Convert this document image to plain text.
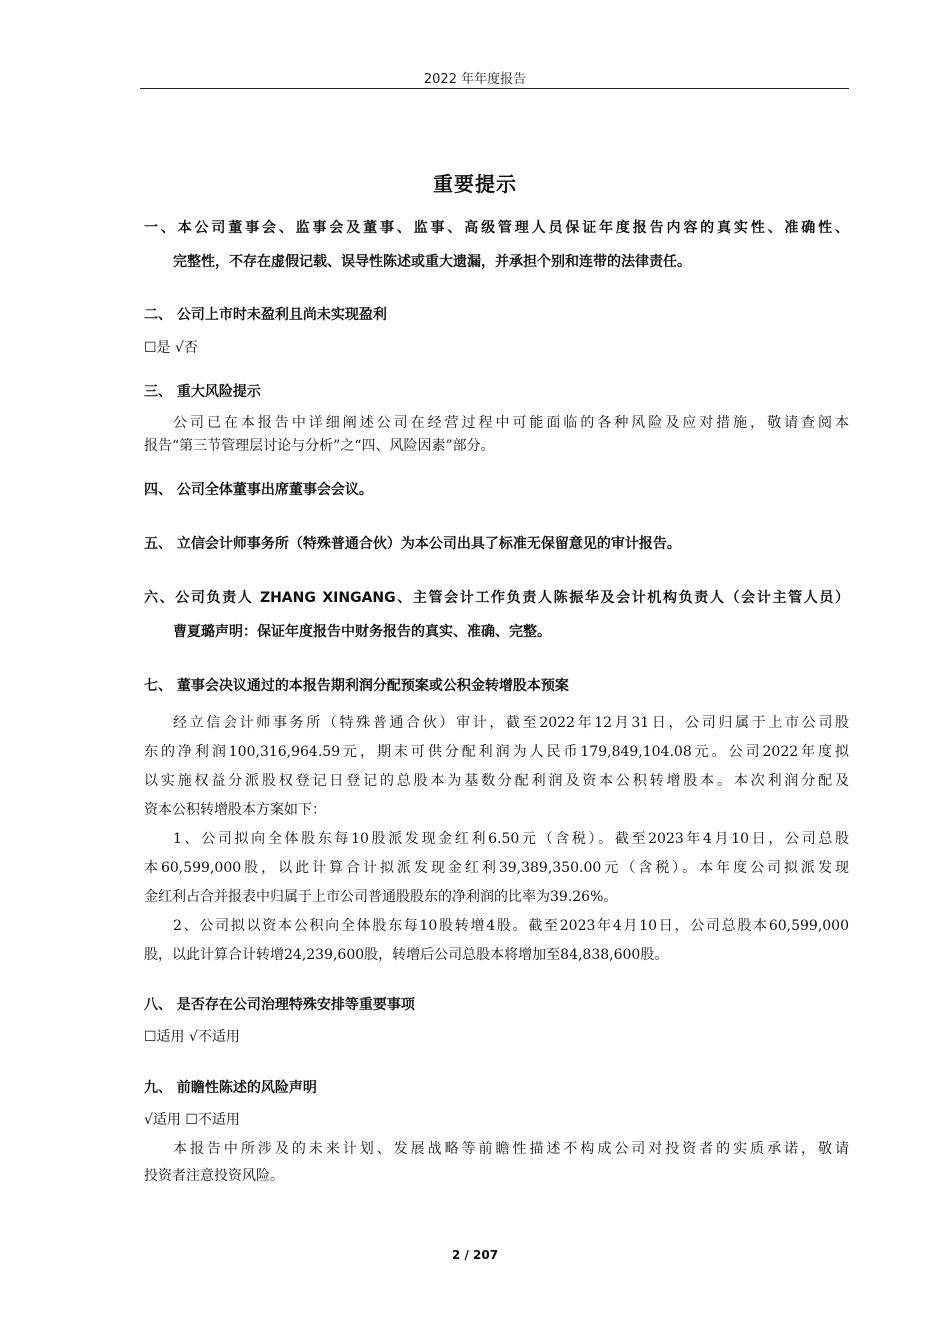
2022 年年度报告
重要提示
一、本公司董事会、监事会及董事、监事、高级管理人员保证年度报告内容的真实性、准确性、
完整性，不存在虚假记载、误导性陈述或重大遗漏，并承担个别和连带的法律责任。
二、 公司上市时未盈利且尚未实现盈利
☐是 √否
三、 重大风险提示
公司已在本报告中详细阐述公司在经营过程中可能面临的各种风险及应对措施，敬请查阅本
报告“第三节管理层讨论与分析”之“四、风险因素”部分。
四、 公司全体董事出席董事会会议。
五、 立信会计师事务所（特殊普通合伙）为本公司出具了标准无保留意见的审计报告。
六、公司负责人 ZHANG XINGANG、主管会计工作负责人陈振华及会计机构负责人（会计主管人员）
曹夏璐声明：保证年度报告中财务报告的真实、准确、完整。
七、 董事会决议通过的本报告期利润分配预案或公积金转增股本预案
经立信会计师事务所（特殊普通合伙）审计，截至2022年12月31日，公司归属于上市公司股
东的净利润100,316,964.59元，期末可供分配利润为人民币179,849,104.08元。公司2022年度拟
以实施权益分派股权登记日登记的总股本为基数分配利润及资本公积转增股本。本次利润分配及
资本公积转增股本方案如下：
1、公司拟向全体股东每10股派发现金红利6.50元（含税）。截至2023年4月10日，公司总股
本60,599,000股，以此计算合计拟派发现金红利39,389,350.00元（含税）。本年度公司拟派发现
金红利占合并报表中归属于上市公司普通股股东的净利润的比率为39.26%。
2、公司拟以资本公积向全体股东每10股转增4股。截至2023年4月10日，公司总股本60,599,000
股，以此计算合计转增24,239,600股，转增后公司总股本将增加至84,838,600股。
八、 是否存在公司治理特殊安排等重要事项
☐适用 √不适用
九、 前瞻性陈述的风险声明
√适用 ☐不适用
本报告中所涉及的未来计划、发展战略等前瞻性描述不构成公司对投资者的实质承诺，敬请
投资者注意投资风险。
2 / 207
